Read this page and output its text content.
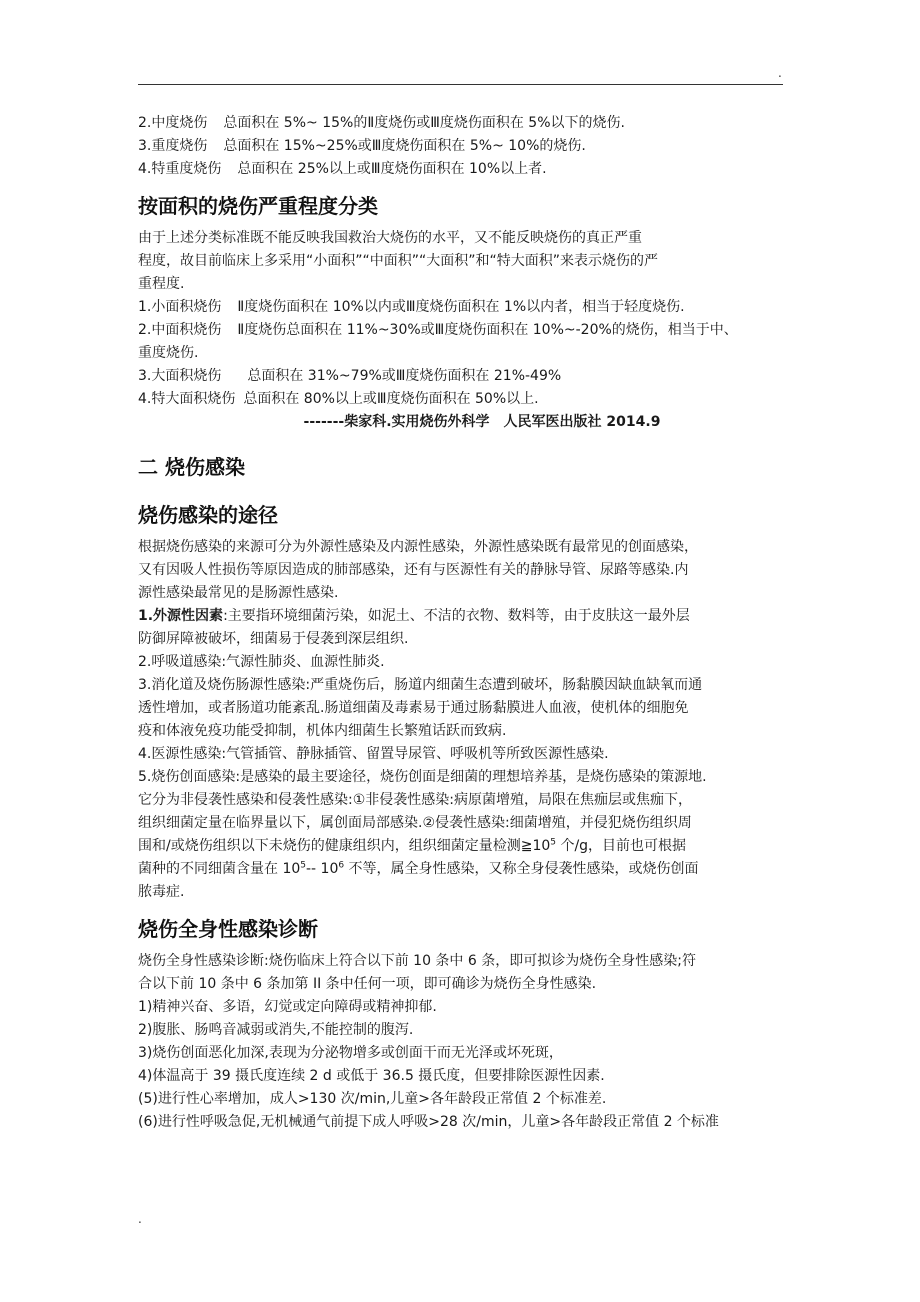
.

2.中度烧伤 总面积在 5%~ 15%的Ⅱ度烧伤或Ⅲ度烧伤面积在 5%以下的烧伤.

3.重度烧伤 总面积在 15%~25%或Ⅲ度烧伤面积在 5%~ 10%的烧伤.

4.特重度烧伤 总面积在 25%以上或Ⅲ度烧伤面积在 10%以上者.

按面积的烧伤严重程度分类

由于上述分类标准既不能反映我国救治大烧伤的水平，又不能反映烧伤的真正严重

程度，故目前临床上多采用“小面积”“中面积”“大面积”和“特大面积”来表示烧伤的严

重程度.

1.小面积烧伤 Ⅱ度烧伤面积在 10%以内或Ⅲ度烧伤面积在 1%以内者，相当于轻度烧伤.

2.中面积烧伤 Ⅱ度烧伤总面积在 11%~30%或Ⅲ度烧伤面积在 10%~-20%的烧伤，相当于中、

重度烧伤.

3.大面积烧伤 总面积在 31%~79%或Ⅲ度烧伤面积在 21%-49%

4.特大面积烧伤 总面积在 80%以上或Ⅲ度烧伤面积在 50%以上.

-------柴家科.实用烧伤外科学　人民军医出版社 2014.9

二 烧伤感染
烧伤感染的途径

根据烧伤感染的来源可分为外源性感染及内源性感染，外源性感染既有最常见的创面感染，

又有因吸人性损伤等原因造成的肺部感染，还有与医源性有关的静脉导管、尿路等感染.内

源性感染最常见的是肠源性感染.

1.外源性因素:主要指环境细菌污染，如泥土、不洁的衣物、数料等，由于皮肤这一最外层

防御屏障被破坏，细菌易于侵袭到深层组织.

2.呼吸道感染:气源性肺炎、血源性肺炎.

3.消化道及烧伤肠源性感染:严重烧伤后，肠道内细菌生态遭到破坏，肠黏膜因缺血缺氧而通

透性增加，或者肠道功能紊乱.肠道细菌及毒素易于通过肠黏膜进人血液，使机体的细胞免

疫和体液免疫功能受抑制，机体内细菌生长繁殖话跃而致病.

4.医源性感染:气管插管、静脉插管、留置导尿管、呼吸机等所致医源性感染.

5.烧伤创面感染:是感染的最主要途径，烧伤创面是细菌的理想培养基，是烧伤感染的策源地.

它分为非侵袭性感染和侵袭性感染:①非侵袭性感染:病原菌增殖，局限在焦痂层或焦痂下，

组织细菌定量在临界量以下，属创面局部感染.②侵袭性感染:细菌增殖，并侵犯烧伤组织周

围和/或烧伤组织以下未烧伤的健康组织内，组织细菌定量检测$≧10^5$ 个/g，目前也可根据

菌种的不同细菌含量在 $10^5--$ $10^6$ 不等，属全身性感染，又称全身侵袭性感染，或烧伤创面

脓毒症.

烧伤全身性感染诊断

烧伤全身性感染诊断:烧伤临床上符合以下前 10 条中 6 条，即可拟诊为烧伤全身性感染;符

合以下前 10 条中 6 条加第 II 条中任何一项，即可确诊为烧伤全身性感染.

1)精神兴奋、多语，幻觉或定向障碍或精神抑郁.

2)腹胀、肠鸣音减弱或消失,不能控制的腹泻.

3)烧伤创面恶化加深,表现为分泌物增多或创面干而无光泽或坏死斑，

4)体温高于 39 摄氏度连续 2 d 或低于 36.5 摄氏度，但要排除医源性因素.

(5)进行性心率增加，成人>130 次/min,儿童>各年龄段正常值 2 个标准差.

(6)进行性呼吸急促,无机械通气前提下成人呼吸>28 次/min，儿童>各年龄段正常值 2 个标准

.
